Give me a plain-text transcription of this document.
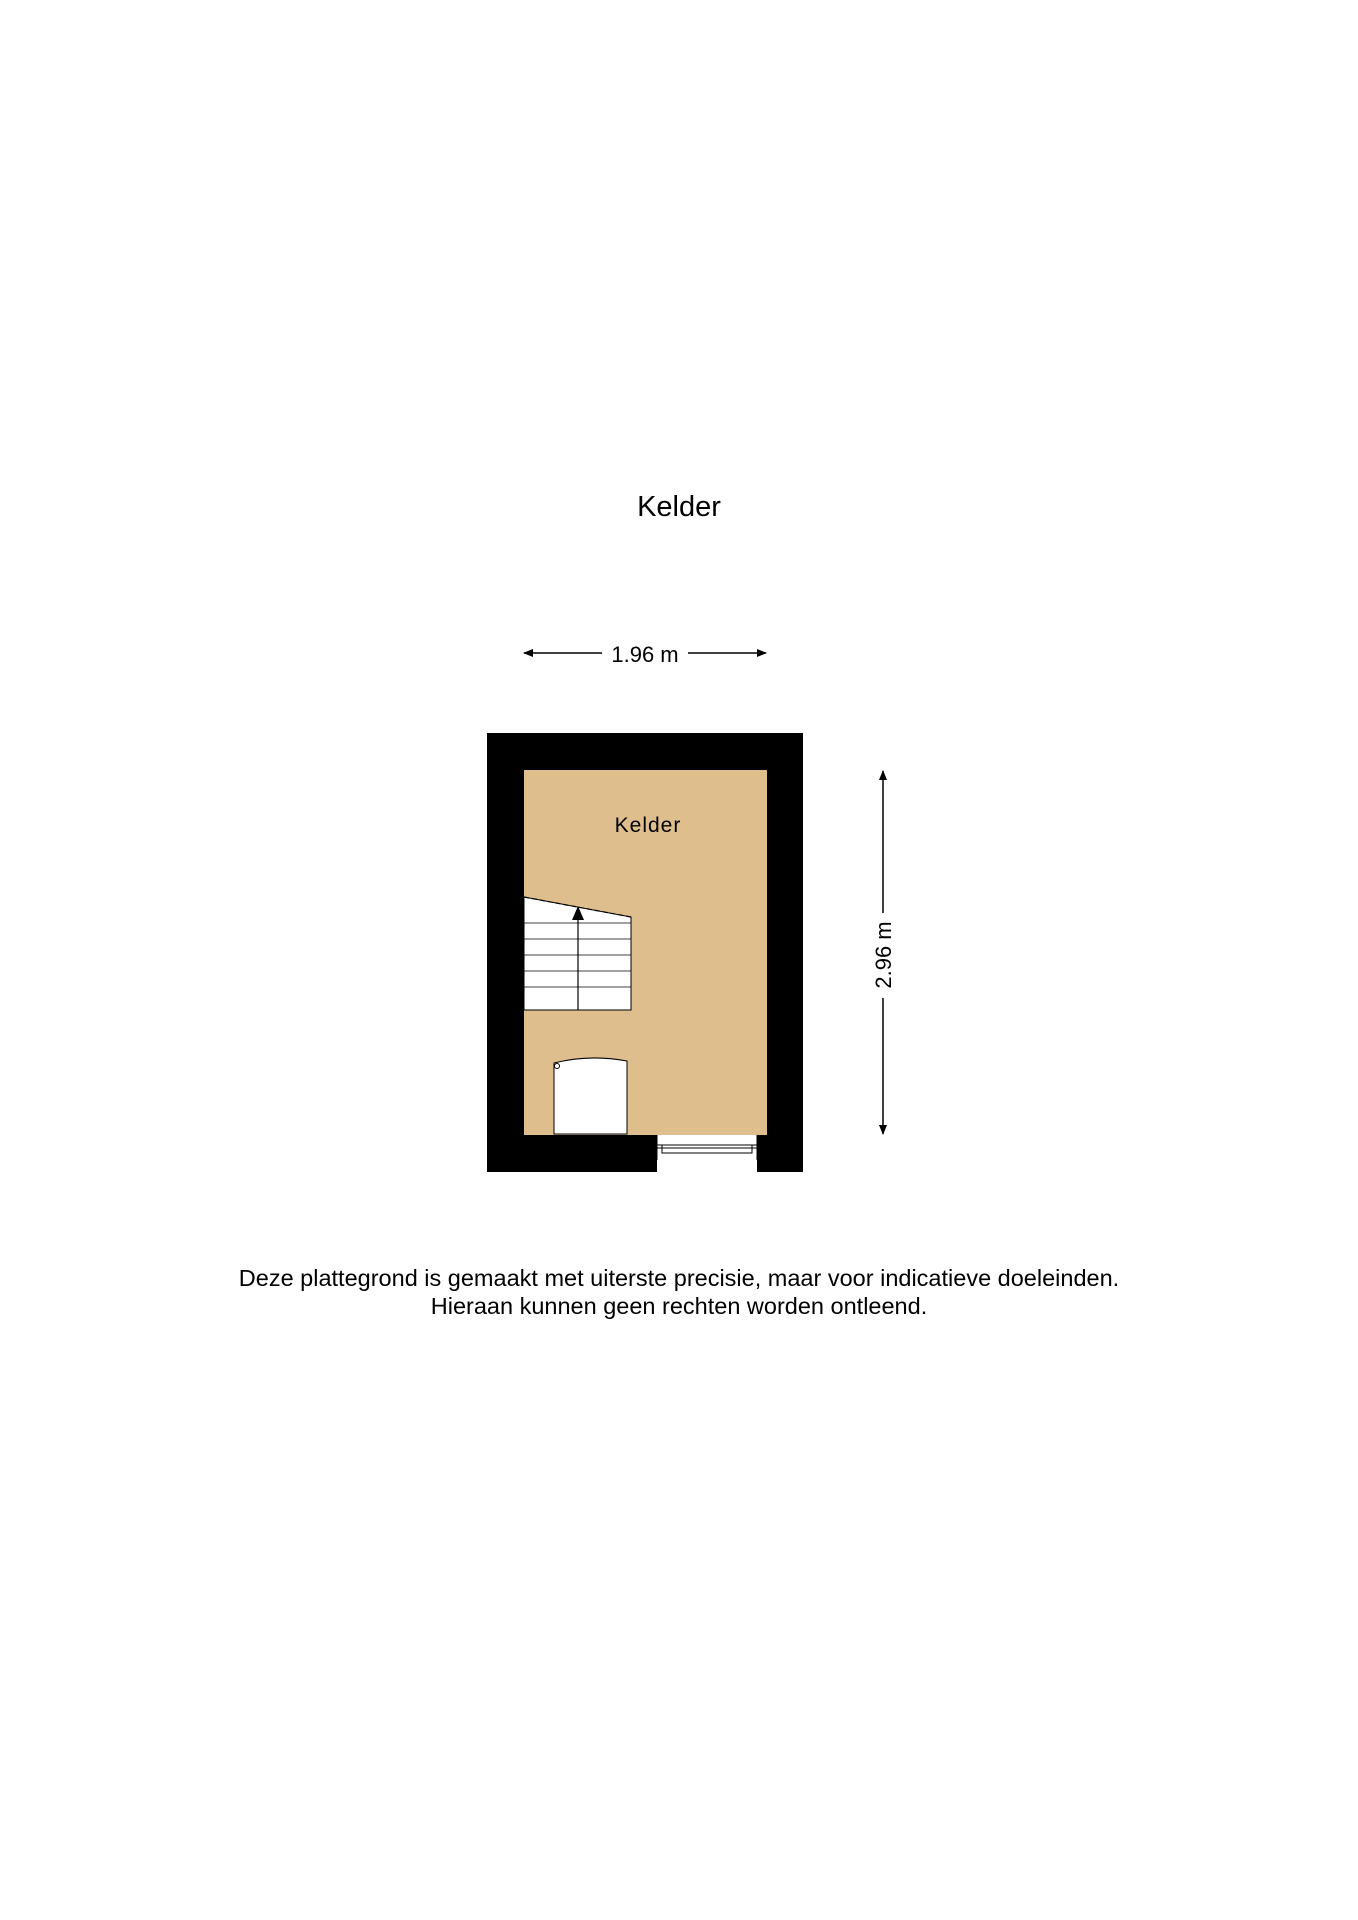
Kelder
1.96 m
Kelder
2.96 m
Deze plattegrond is gemaakt met uiterste precisie, maar voor indicatieve doeleinden.
Hieraan kunnen geen rechten worden ontleend.
